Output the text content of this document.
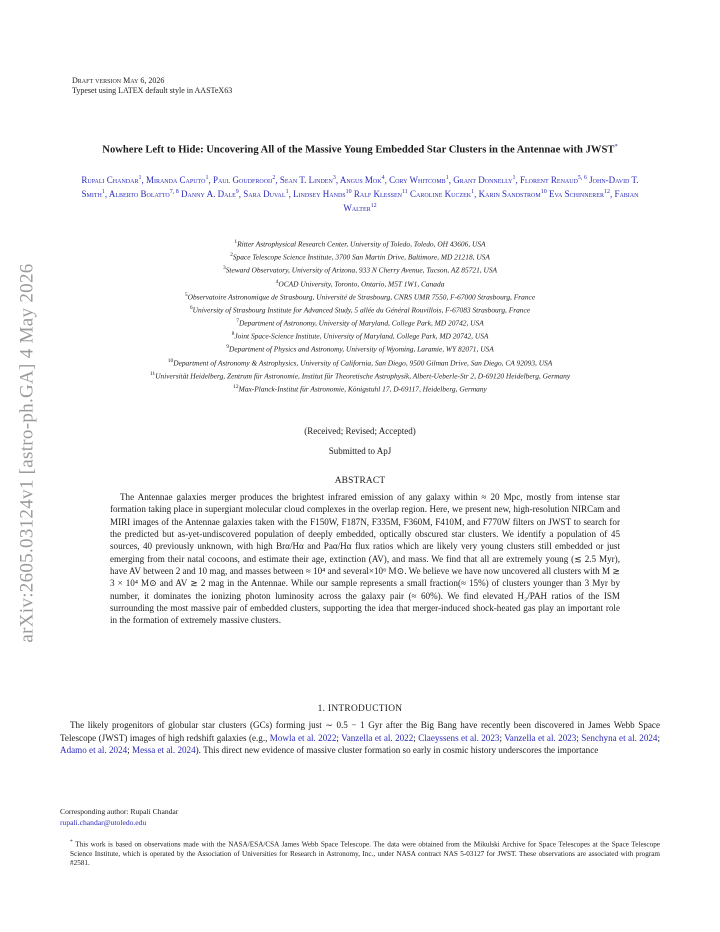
arXiv:2605.03124v1 [astro-ph.GA] 4 May 2026
Draft version May 6, 2026
Typeset using LATEX default style in AASTeX63
Nowhere Left to Hide: Uncovering All of the Massive Young Embedded Star Clusters in the Antennae with JWST*
Rupali Chandar$^1$, Miranda Caputo$^1$, Paul Goudfrooij$^2$, Sean T. Linden$^3$, Angus Mok$^4$, Cory Whitcomb$^1$, Grant Donnelly$^1$, Florent Renaud$^{5, 6}$ John-David T. Smith$^1$, Alberto Bolatto$^{7, 8}$ Danny A. Dale$^9$, Sara Duval$^1$, Lindsey Hands$^{10}$ Ralf Klessen$^{11}$ Caroline Kuczek$^1$, Karin Sandstrom$^{10}$ Eva Schinnerer$^{12}$, Fabian Walter$^{12}$
$^1$Ritter Astrophysical Research Center, University of Toledo, Toledo, OH 43606, USA
$^2$Space Telescope Science Institute, 3700 San Martin Drive, Baltimore, MD 21218, USA
$^3$Steward Observatory, University of Arizona, 933 N Cherry Avenue, Tucson, AZ 85721, USA
$^4$OCAD University, Toronto, Ontario, M5T 1W1, Canada
$^5$Observatoire Astronomique de Strasbourg, Université de Strasbourg, CNRS UMR 7550, F-67000 Strasbourg, France
$^6$University of Strasbourg Institute for Advanced Study, 5 allée du Général Rouvillois, F-67083 Strasbourg, France
$^7$Department of Astronomy, University of Maryland, College Park, MD 20742, USA
$^8$Joint Space-Science Institute, University of Maryland, College Park, MD 20742, USA
$^9$Department of Physics and Astronomy, University of Wyoming, Laramie, WY 82071, USA
$^{10}$Department of Astronomy & Astrophysics, University of California, San Diego, 9500 Gilman Drive, San Diego, CA 92093, USA
$^{11}$Universität Heidelberg, Zentrum für Astronomie, Institut für Theoretische Astrophysik, Albert-Ueberle-Str 2, D-69120 Heidelberg, Germany
$^{12}$Max-Planck-Institut für Astronomie, Königstuhl 17, D-69117, Heidelberg, Germany
(Received; Revised; Accepted)
Submitted to ApJ
ABSTRACT

The Antennae galaxies merger produces the brightest infrared emission of any galaxy within ≈ 20 Mpc, mostly from intense star formation taking place in supergiant molecular cloud complexes in the overlap region. Here, we present new, high-resolution NIRCam and MIRI images of the Antennae galaxies taken with the F150W, F187N, F335M, F360M, F410M, and F770W filters on JWST to search for the predicted but as-yet-undiscovered population of deeply embedded, optically obscured star clusters. We identify a population of 45 sources, 40 previously unknown, with high Brα/Hα and Paα/Hα flux ratios which are likely very young clusters still embedded or just emerging from their natal cocoons, and estimate their age, extinction (AV), and mass. We find that all are extremely young (≲ 2.5 Myr), have AV between 2 and 10 mag, and masses between ≈ 10⁴ and several×10⁶ M⊙. We believe we have now uncovered all clusters with M ≳ 3 × 10⁴ M⊙ and AV ≳ 2 mag in the Antennae. While our sample represents a small fraction(≈ 15%) of clusters younger than 3 Myr by number, it dominates the ionizing photon luminosity across the galaxy pair (≈ 60%). We find elevated H₂/PAH ratios of the ISM surrounding the most massive pair of embedded clusters, supporting the idea that merger-induced shock-heated gas play an important role in the formation of extremely massive clusters.

1. INTRODUCTION

The likely progenitors of globular star clusters (GCs) forming just ∼ 0.5 − 1 Gyr after the Big Bang have recently been discovered in James Webb Space Telescope (JWST) images of high redshift galaxies (e.g., Mowla et al. 2022; Vanzella et al. 2022; Claeyssens et al. 2023; Vanzella et al. 2023; Senchyna et al. 2024; Adamo et al. 2024; Messa et al. 2024). This direct new evidence of massive cluster formation so early in cosmic history underscores the importance

Corresponding author: Rupali Chandar
rupali.chandar@utoledo.edu
* This work is based on observations made with the NASA/ESA/CSA James Webb Space Telescope. The data were obtained from the Mikulski Archive for Space Telescopes at the Space Telescope Science Institute, which is operated by the Association of Universities for Research in Astronomy, Inc., under NASA contract NAS 5-03127 for JWST. These observations are associated with program #2581.
